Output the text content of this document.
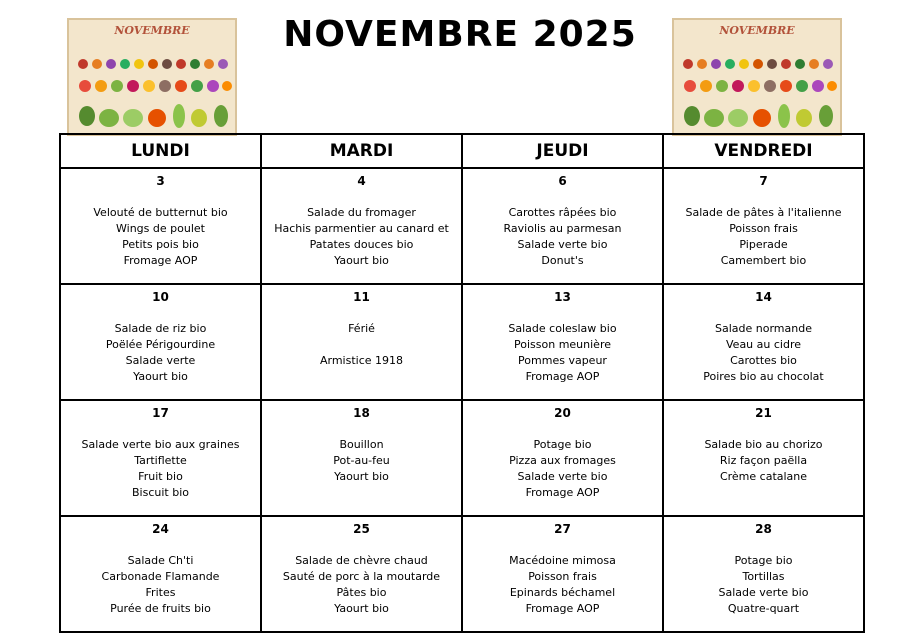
NOVEMBRE	NOVEMBRE
NOVEMBRE 2025
LUNDI	MARDI	JEUDI	VENDREDI

3
Velouté de butternut bio
Wings de poulet
Petits pois bio
Fromage AOP	4
Salade du fromager
Hachis parmentier au canard et
Patates douces bio
Yaourt bio	6
Carottes râpées bio
Raviolis au parmesan
Salade verte bio
Donut's	7
Salade de pâtes à l'italienne
Poisson frais
Piperade
Camembert bio

10
Salade de riz bio
Poëlée Périgourdine
Salade verte
Yaourt bio	11
Férié
Armistice 1918	13
Salade coleslaw bio
Poisson meunière
Pommes vapeur
Fromage AOP	14
Salade normande
Veau au cidre
Carottes bio
Poires bio au chocolat

17
Salade verte bio aux graines
Tartiflette
Fruit bio
Biscuit bio	18
Bouillon
Pot-au-feu
Yaourt bio	20
Potage bio
Pizza aux fromages
Salade verte bio
Fromage AOP	21
Salade bio au chorizo
Riz façon paëlla
Crème catalane

24
Salade Ch'ti
Carbonade Flamande
Frites
Purée de fruits bio	25
Salade de chèvre chaud
Sauté de porc à la moutarde
Pâtes bio
Yaourt bio	27
Macédoine mimosa
Poisson frais
Epinards béchamel
Fromage AOP	28
Potage bio
Tortillas
Salade verte bio
Quatre-quart
